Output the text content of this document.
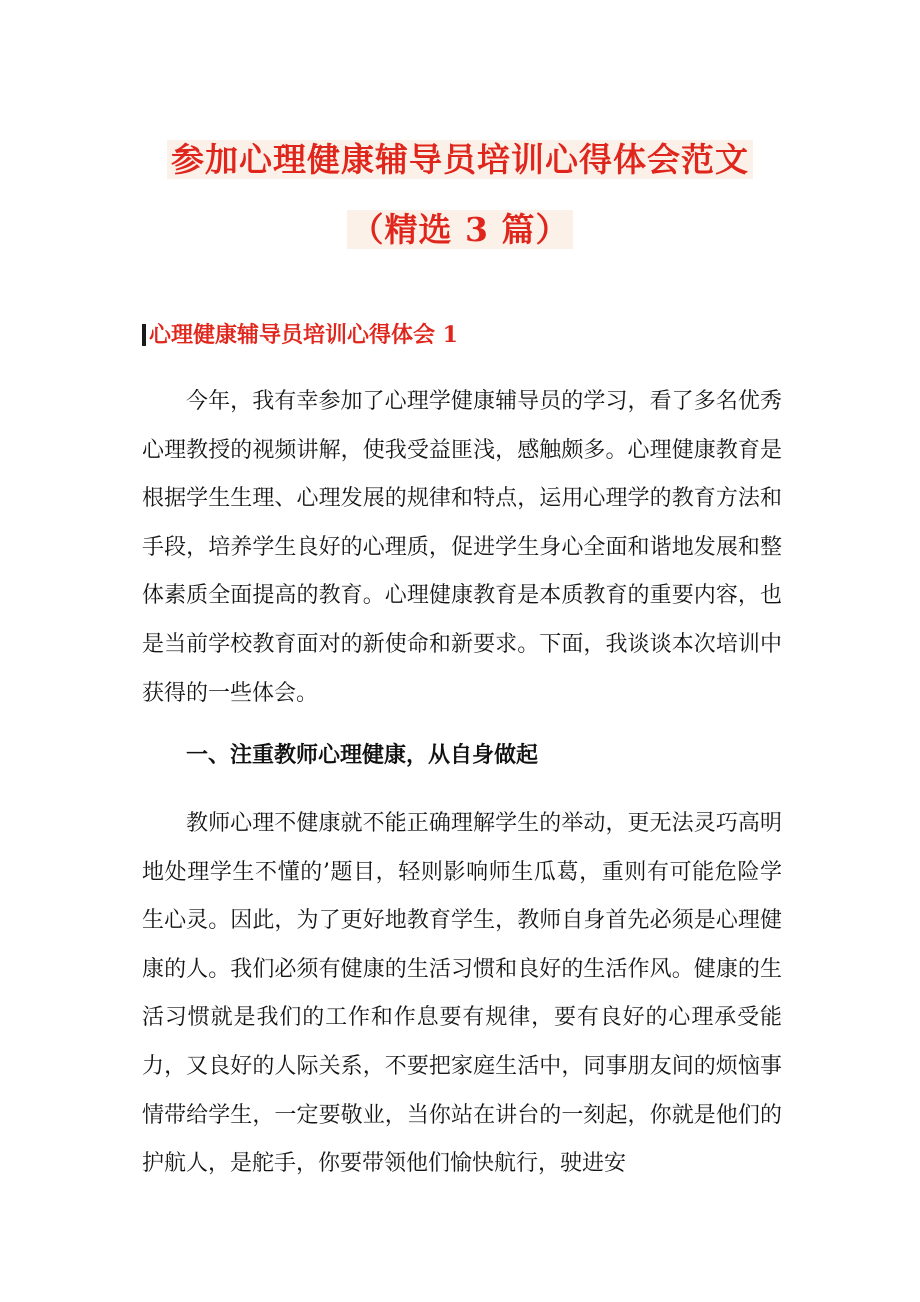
参加心理健康辅导员培训心得体会范文
（精选 3 篇）
心理健康辅导员培训心得体会 1
今年，我有幸参加了心理学健康辅导员的学习，看了多名优秀心理教授的视频讲解，使我受益匪浅，感触颇多。心理健康教育是根据学生生理、心理发展的规律和特点，运用心理学的教育方法和手段，培养学生良好的心理质，促进学生身心全面和谐地发展和整体素质全面提高的教育。心理健康教育是本质教育的重要内容，也是当前学校教育面对的新使命和新要求。下面，我谈谈本次培训中获得的一些体会。
一、注重教师心理健康，从自身做起
教师心理不健康就不能正确理解学生的举动，更无法灵巧高明地处理学生不懂的’题目，轻则影响师生瓜葛，重则有可能危险学生心灵。因此，为了更好地教育学生，教师自身首先必须是心理健康的人。我们必须有健康的生活习惯和良好的生活作风。健康的生活习惯就是我们的工作和作息要有规律，要有良好的心理承受能力，又良好的人际关系，不要把家庭生活中，同事朋友间的烦恼事情带给学生，一定要敬业，当你站在讲台的一刻起，你就是他们的护航人，是舵手，你要带领他们愉快航行，驶进安
